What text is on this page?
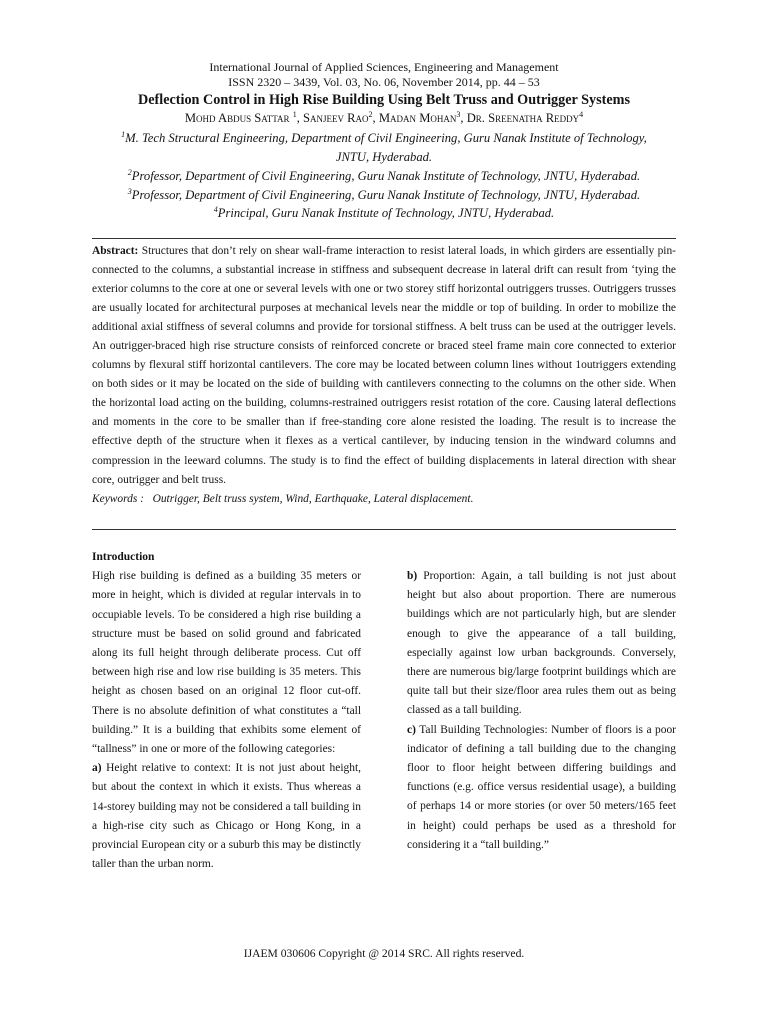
International Journal of Applied Sciences, Engineering and Management
ISSN 2320 – 3439, Vol. 03, No. 06, November 2014, pp. 44 – 53
Deflection Control in High Rise Building Using Belt Truss and Outrigger Systems
Mohd Abdus Sattar $^1$, Sanjeev Rao$^2$, Madan Mohan$^3$, Dr. Sreenatha Reddy$^4$
$^1$M. Tech Structural Engineering, Department of Civil Engineering, Guru Nanak Institute of Technology,
JNTU, Hyderabad.
$^2$Professor, Department of Civil Engineering, Guru Nanak Institute of Technology, JNTU, Hyderabad.
$^3$Professor, Department of Civil Engineering, Guru Nanak Institute of Technology, JNTU, Hyderabad.
$^4$Principal, Guru Nanak Institute of Technology, JNTU, Hyderabad.
Abstract: Structures that don’t rely on shear wall-frame interaction to resist lateral loads, in which girders are essentially pin-connected to the columns, a substantial increase in stiffness and subsequent decrease in lateral drift can result from ‘tying the exterior columns to the core at one or several levels with one or two storey stiff horizontal outriggers trusses. Outriggers trusses are usually located for architectural purposes at mechanical levels near the middle or top of building. In order to mobilize the additional axial stiffness of several columns and provide for torsional stiffness. A belt truss can be used at the outrigger levels. An outrigger-braced high rise structure consists of reinforced concrete or braced steel frame main core connected to exterior columns by flexural stiff horizontal cantilevers. The core may be located between column lines without 1outriggers extending on both sides or it may be located on the side of building with cantilevers connecting to the columns on the other side. When the horizontal load acting on the building, columns-restrained outriggers resist rotation of the core. Causing lateral deflections and moments in the core to be smaller than if free-standing core alone resisted the loading. The result is to increase the effective depth of the structure when it flexes as a vertical cantilever, by inducing tension in the windward columns and compression in the leeward columns. The study is to find the effect of building displacements in lateral direction with shear core, outrigger and belt truss.
Keywords : Outrigger, Belt truss system, Wind, Earthquake, Lateral displacement.

Introduction

High rise building is defined as a building 35 meters or more in height, which is divided at regular intervals in to occupiable levels. To be considered a high rise building a structure must be based on solid ground and fabricated along its full height through deliberate process. Cut off between high rise and low rise building is 35 meters. This height as chosen based on an original 12 floor cut-off. There is no absolute definition of what constitutes a “tall building.” It is a building that exhibits some element of “tallness” in one or more of the following categories:

a) Height relative to context: It is not just about height, but about the context in which it exists. Thus whereas a 14-storey building may not be considered a tall building in a high-rise city such as Chicago or Hong Kong, in a provincial European city or a suburb this may be distinctly taller than the urban norm.

b) Proportion: Again, a tall building is not just about height but also about proportion. There are numerous buildings which are not particularly high, but are slender enough to give the appearance of a tall building, especially against low urban backgrounds. Conversely, there are numerous big/large footprint buildings which are quite tall but their size/floor area rules them out as being classed as a tall building.

c) Tall Building Technologies: Number of floors is a poor indicator of defining a tall building due to the changing floor to floor height between differing buildings and functions (e.g. office versus residential usage), a building of perhaps 14 or more stories (or over 50 meters/165 feet in height) could perhaps be used as a threshold for considering it a “tall building.”

IJAEM 030606 Copyright @ 2014 SRC. All rights reserved.
